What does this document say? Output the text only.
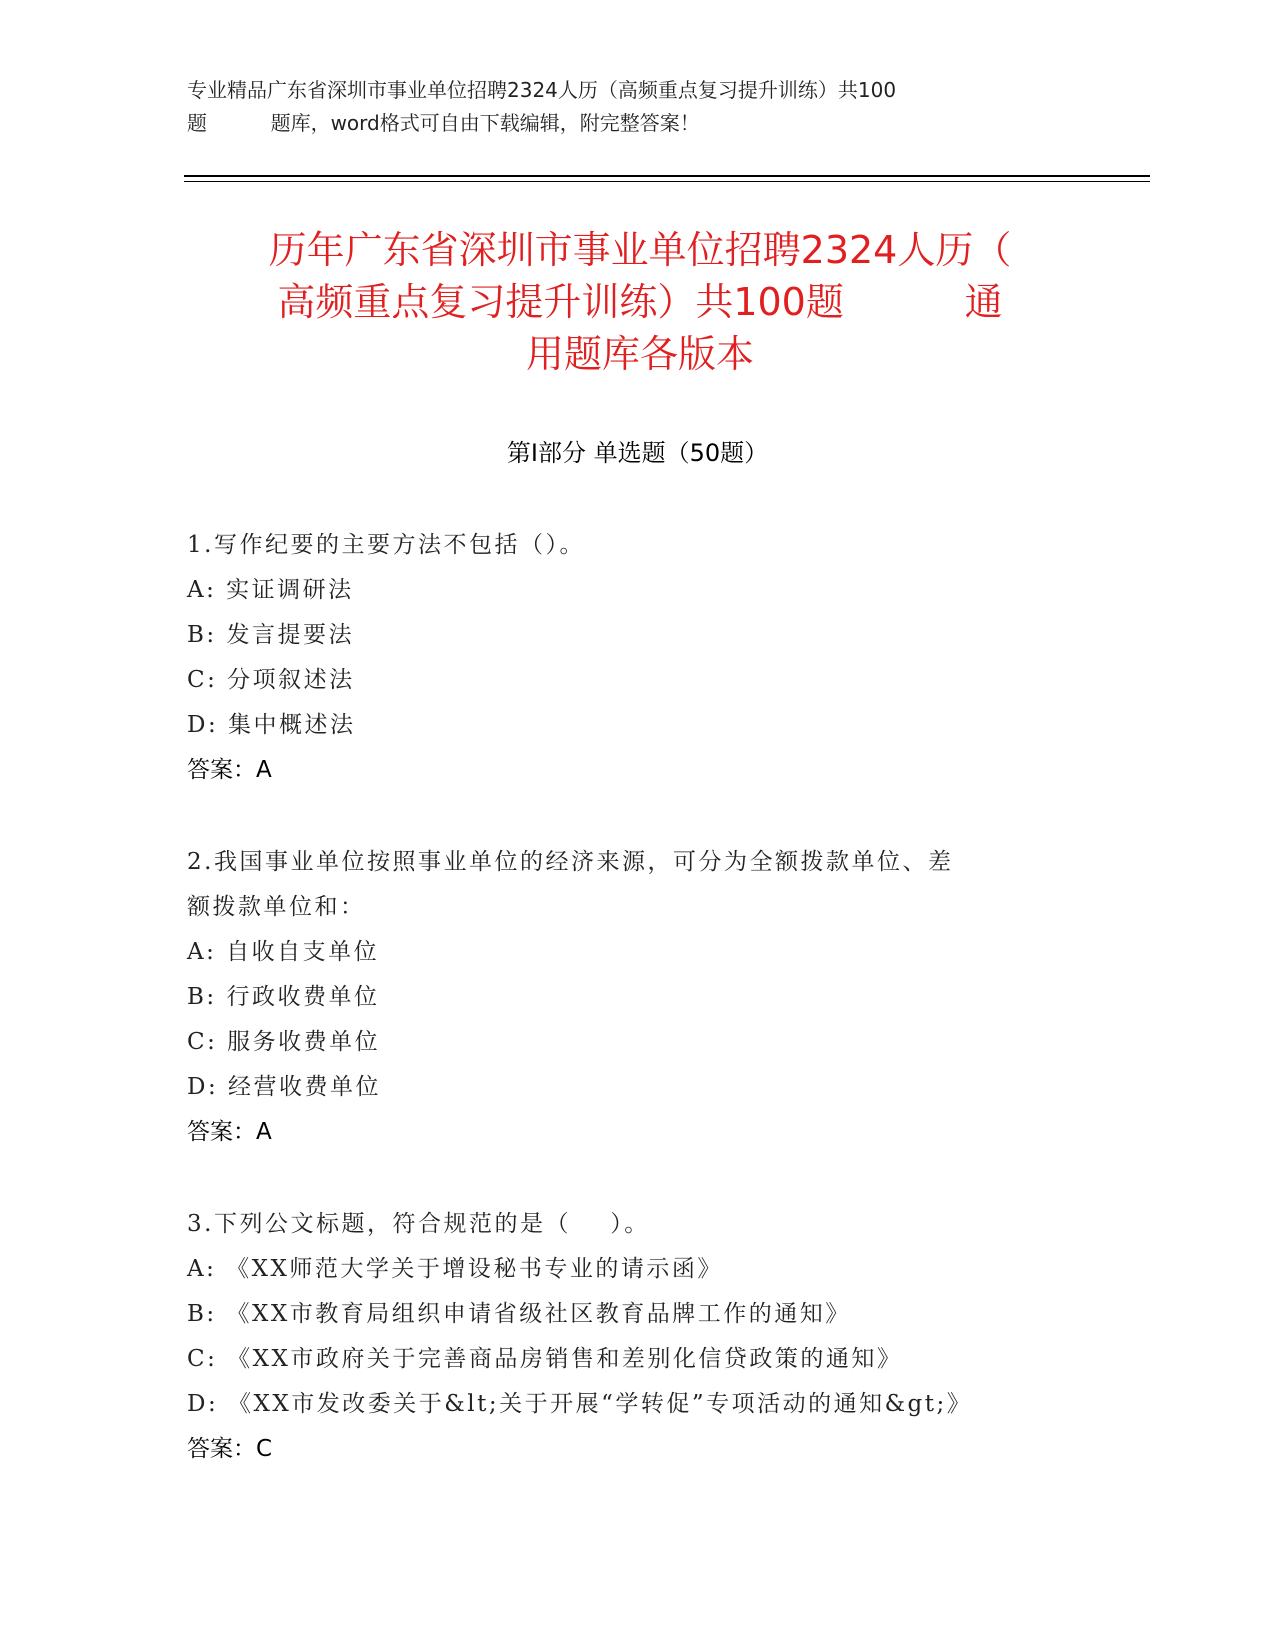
专业精品广东省深圳市事业单位招聘2324人历（高频重点复习提升训练）共100
题          题库，word格式可自由下载编辑，附完整答案！
历年广东省深圳市事业单位招聘2324人历（
高频重点复习提升训练）共100题          通
用题库各版本
第Ⅰ部分 单选题（50题）
1.写作纪要的主要方法不包括（）。
A: 实证调研法
B: 发言提要法
C: 分项叙述法
D: 集中概述法
答案：A
2.我国事业单位按照事业单位的经济来源，可分为全额拨款单位、差
额拨款单位和：
A: 自收自支单位
B: 行政收费单位
C: 服务收费单位
D: 经营收费单位
答案：A
3.下列公文标题，符合规范的是（    ）。
A: 《XX师范大学关于增设秘书专业的请示函》
B: 《XX市教育局组织申请省级社区教育品牌工作的通知》
C: 《XX市政府关于完善商品房销售和差别化信贷政策的通知》
D: 《XX市发改委关于&lt;关于开展“学转促”专项活动的通知&gt;》
答案：C
